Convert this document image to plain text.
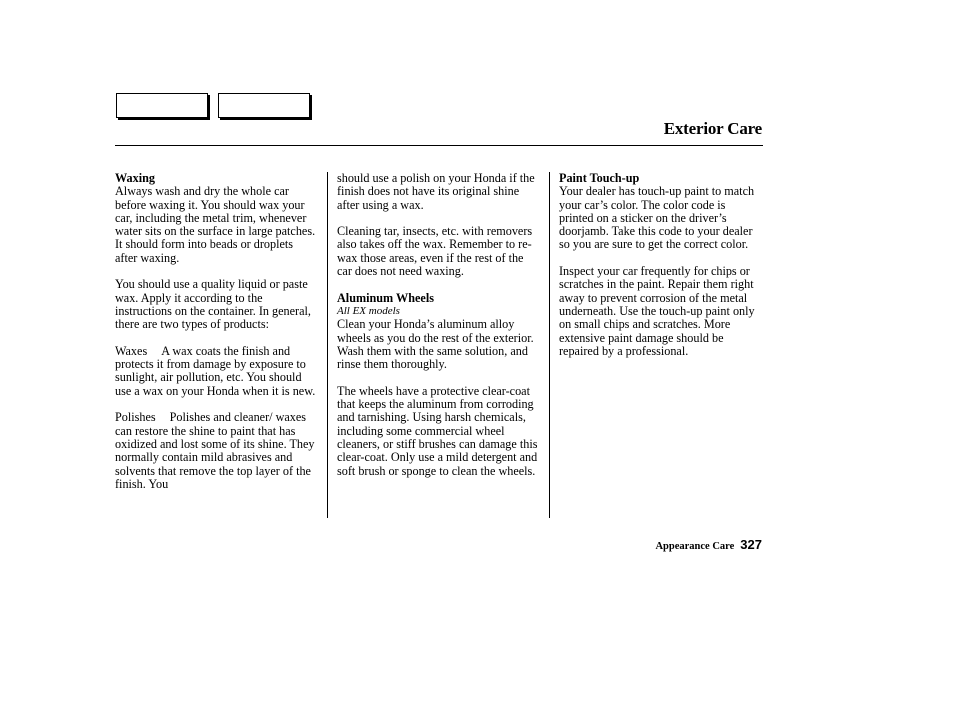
Exterior Care
Waxing

Always wash and dry the whole car before waxing it. You should wax your car, including the metal trim, whenever water sits on the surface in large patches. It should form into beads or droplets after waxing.

You should use a quality liquid or paste wax. Apply it according to the instructions on the container. In general, there are two types of products:

Waxes A wax coats the finish and protects it from damage by exposure to sunlight, air pollution, etc. You should use a wax on your Honda when it is new.

Polishes Polishes and cleaner/ waxes can restore the shine to paint that has oxidized and lost some of its shine. They normally contain mild abrasives and solvents that remove the top layer of the finish. You

should use a polish on your Honda if the finish does not have its original shine after using a wax.

Cleaning tar, insects, etc. with removers also takes off the wax. Remember to re-wax those areas, even if the rest of the car does not need waxing.

Aluminum Wheels
All EX models

Clean your Honda’s aluminum alloy wheels as you do the rest of the exterior. Wash them with the same solution, and rinse them thoroughly.

The wheels have a protective clear-coat that keeps the aluminum from corroding and tarnishing. Using harsh chemicals, including some commercial wheel cleaners, or stiff brushes can damage this clear-coat. Only use a mild detergent and soft brush or sponge to clean the wheels.

Paint Touch-up

Your dealer has touch-up paint to match your car’s color. The color code is printed on a sticker on the driver’s doorjamb. Take this code to your dealer so you are sure to get the correct color.

Inspect your car frequently for chips or scratches in the paint. Repair them right away to prevent corrosion of the metal underneath. Use the touch-up paint only on small chips and scratches. More extensive paint damage should be repaired by a professional.

Appearance Care 327
